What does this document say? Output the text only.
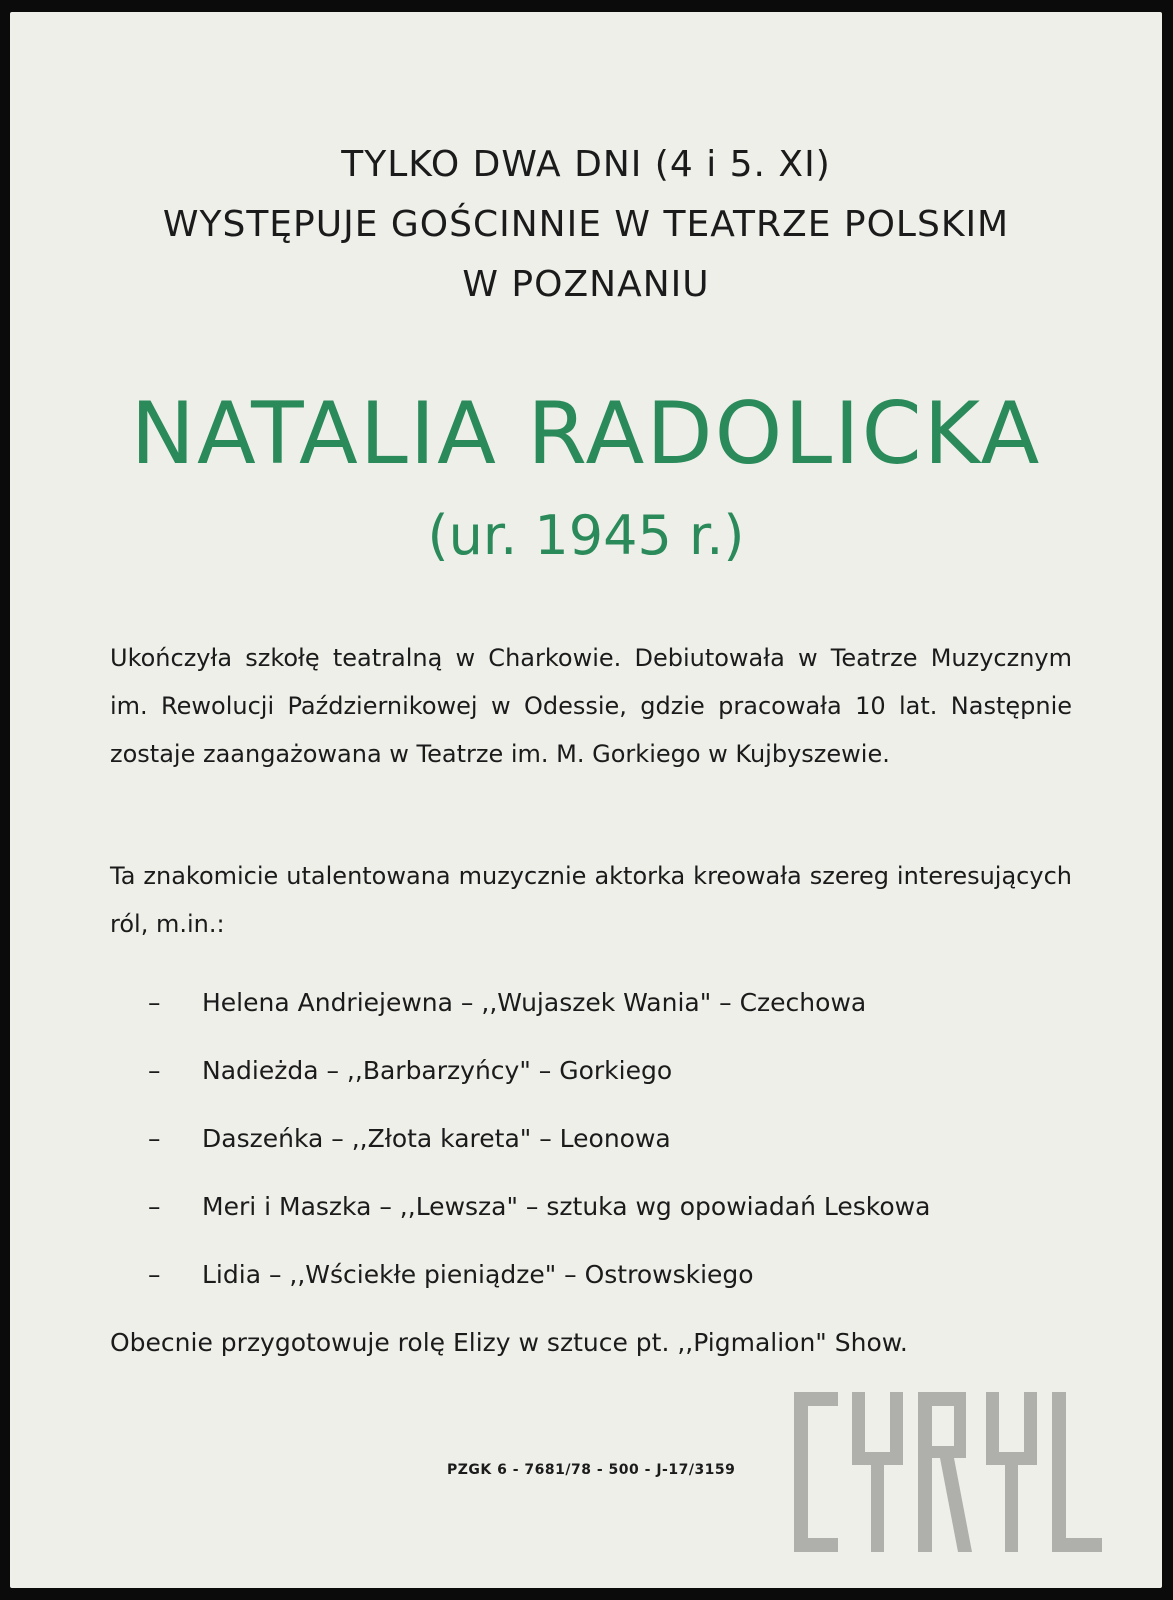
TYLKO DWA DNI (4 i 5. XI)
WYSTĘPUJE GOŚCINNIE W TEATRZE POLSKIM
W POZNANIU
NATALIA RADOLICKA
(ur. 1945 r.)
Ukończyła szkołę teatralną w Charkowie. Debiutowała w Teatrze Muzycznym im. Rewolucji Październikowej w Odessie, gdzie pracowała 10 lat. Następnie zostaje zaangażowana w Teatrze im. M. Gorkiego w Kujbyszewie.
Ta znakomicie utalentowana muzycznie aktorka kreowała szereg interesujących ról, m.in.:
– Helena Andriejewna – ,,Wujaszek Wania" – Czechowa
– Nadieżda – ,,Barbarzyńcy" – Gorkiego
– Daszeńka – ,,Złota kareta" – Leonowa
– Meri i Maszka – ,,Lewsza" – sztuka wg opowiadań Leskowa
– Lidia – ,,Wściekłe pieniądze" – Ostrowskiego
Obecnie przygotowuje rolę Elizy w sztuce pt. ,,Pigmalion" Show.
PZGK 6 - 7681/78 - 500 - J-17/3159
